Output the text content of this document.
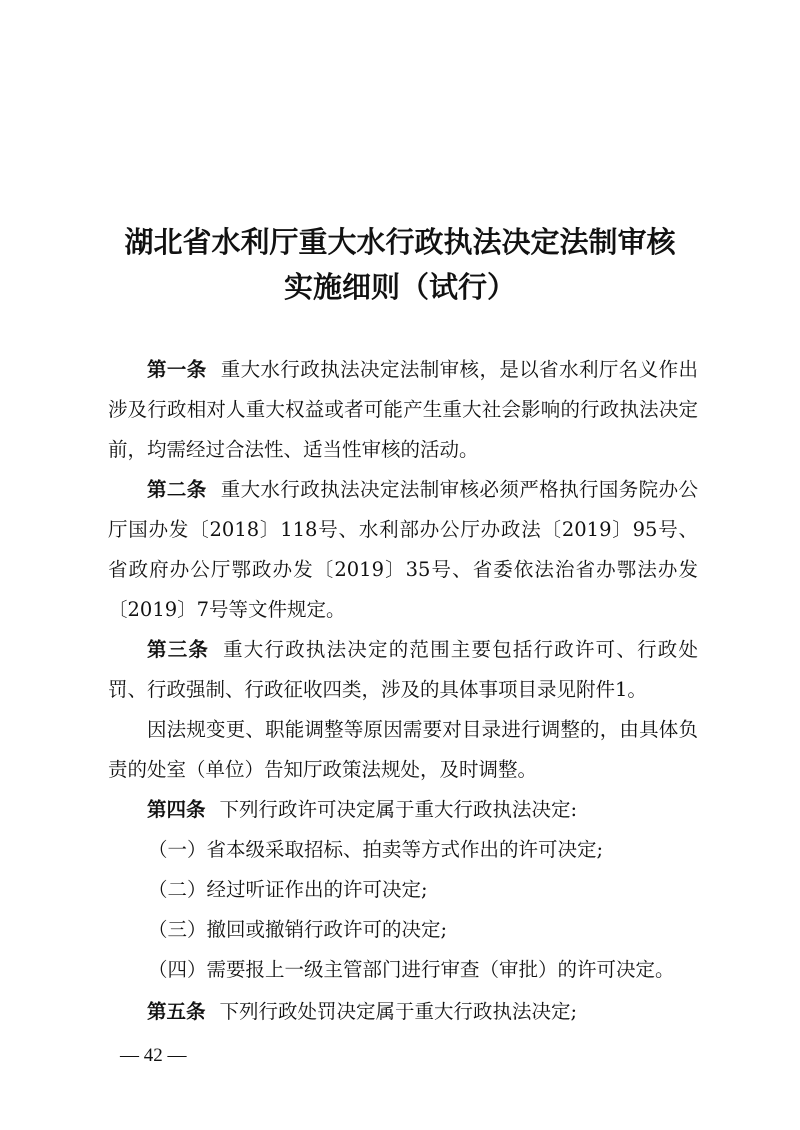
湖北省水利厅重大水行政执法决定法制审核
实施细则（试行）
第一条 重大水行政执法决定法制审核，是以省水利厅名义作出涉及行政相对人重大权益或者可能产生重大社会影响的行政执法决定前，均需经过合法性、适当性审核的活动。
第二条 重大水行政执法决定法制审核必须严格执行国务院办公厅国办发〔2018〕118号、水利部办公厅办政法〔2019〕95号、省政府办公厅鄂政办发〔2019〕35号、省委依法治省办鄂法办发〔2019〕7号等文件规定。
第三条 重大行政执法决定的范围主要包括行政许可、行政处罚、行政强制、行政征收四类，涉及的具体事项目录见附件1。
因法规变更、职能调整等原因需要对目录进行调整的，由具体负责的处室（单位）告知厅政策法规处，及时调整。
第四条 下列行政许可决定属于重大行政执法决定:
（一）省本级采取招标、拍卖等方式作出的许可决定;
（二）经过听证作出的许可决定;
（三）撤回或撤销行政许可的决定;
（四）需要报上一级主管部门进行审查（审批）的许可决定。
第五条 下列行政处罚决定属于重大行政执法决定;
— 42 —
